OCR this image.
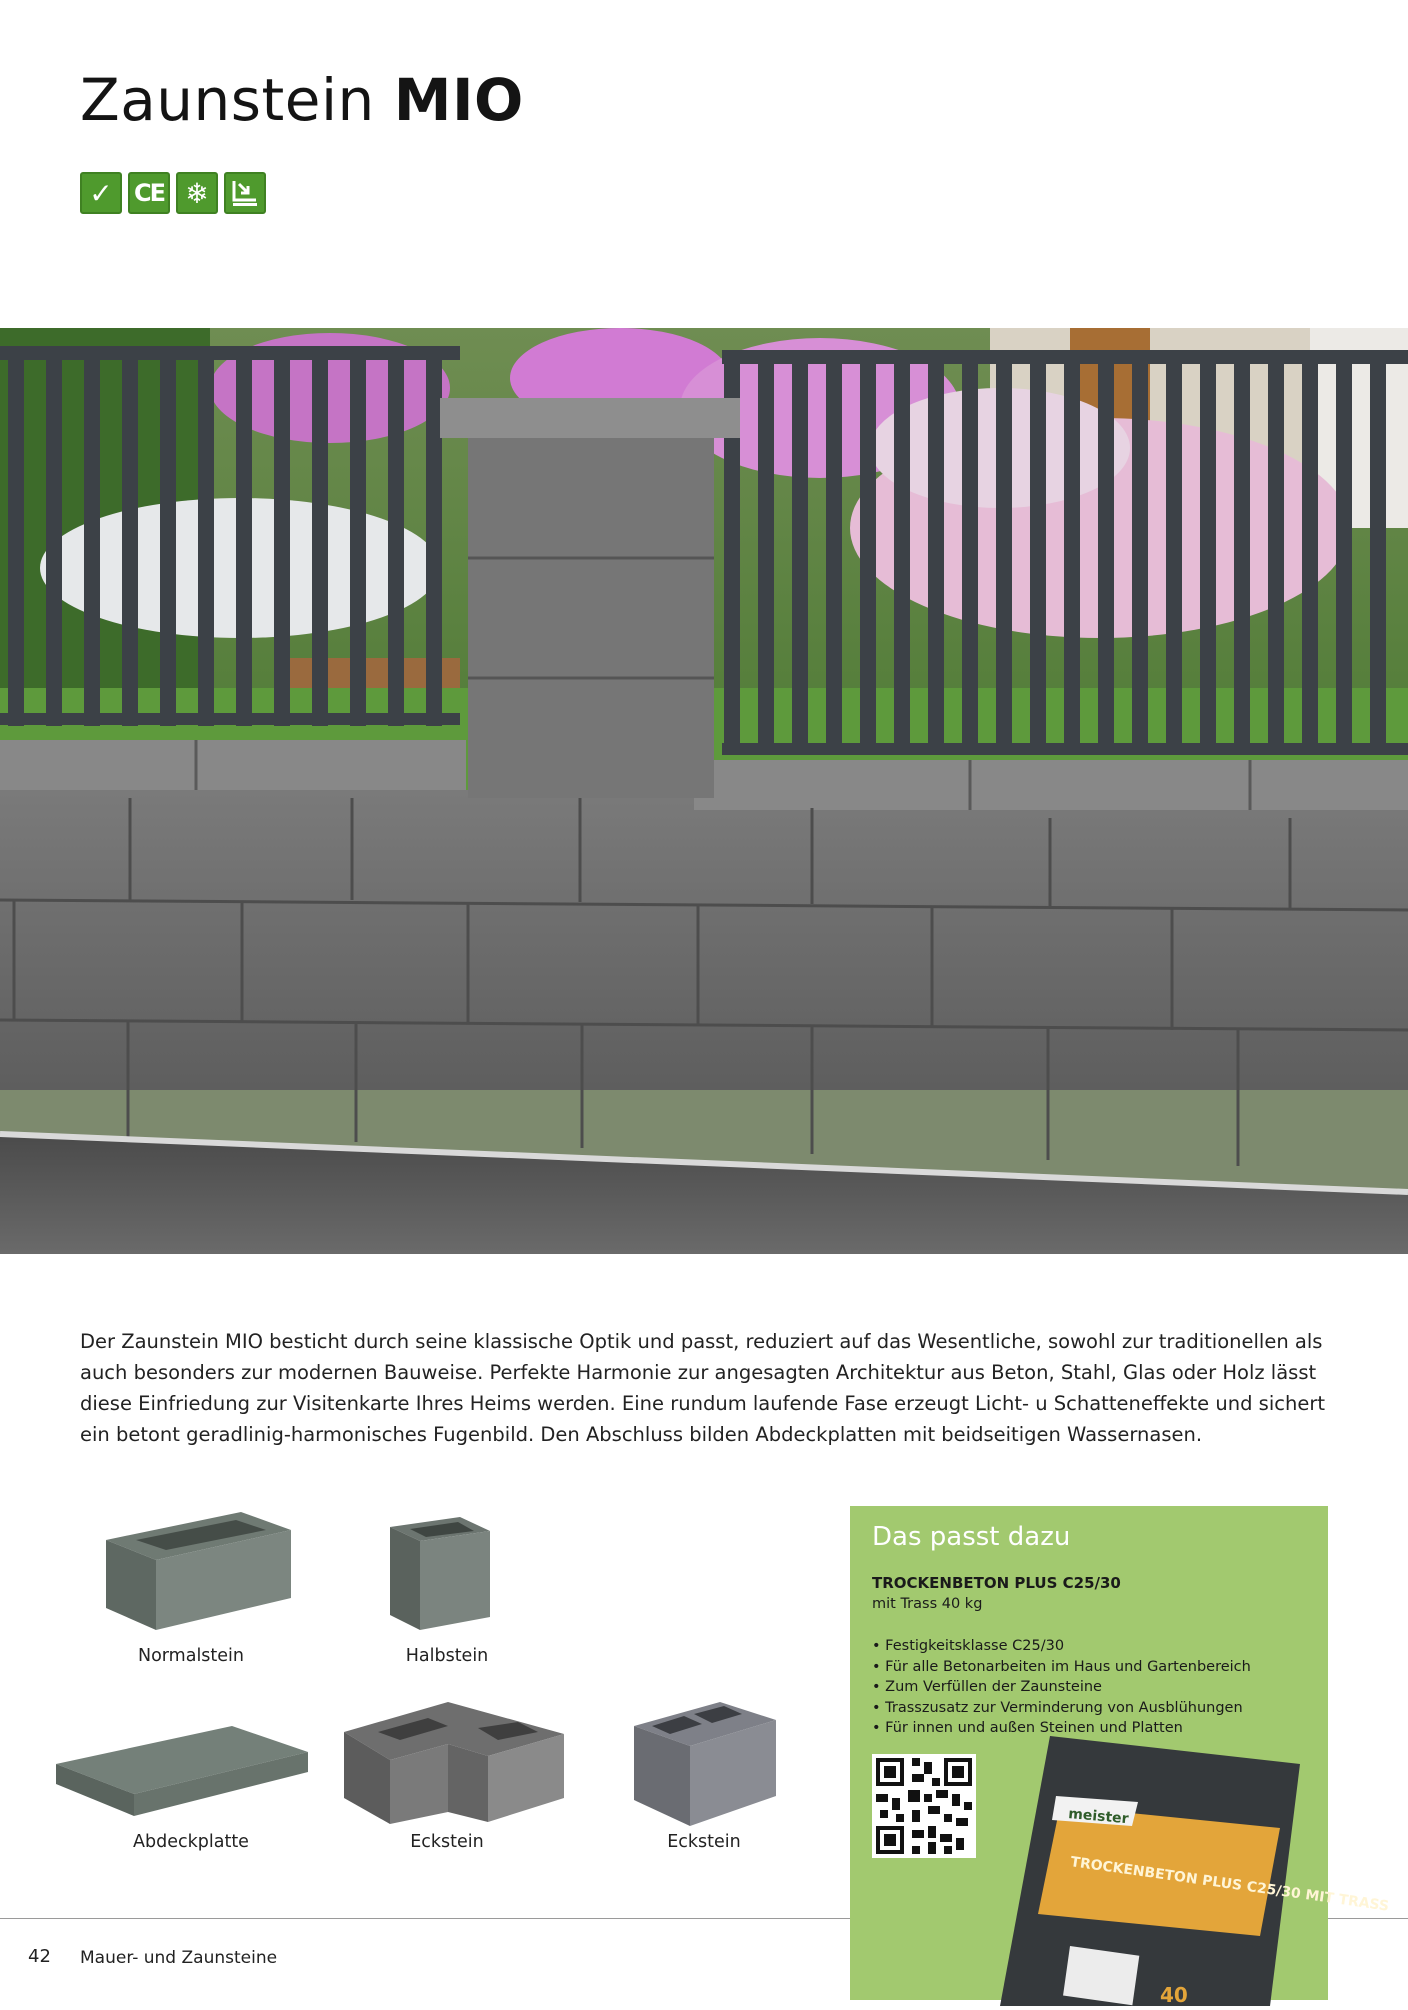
Zaunstein MIO
✓ CE ❄

Der Zaunstein MIO besticht durch seine klassische Optik und passt, reduziert auf das Wesentliche, sowohl zur traditionellen als auch besonders zur modernen Bauweise. Perfekte Harmonie zur angesagten Architektur aus Beton, Stahl, Glas oder Holz lässt diese Einfriedung zur Visitenkarte Ihres Heims werden. Eine rundum laufende Fase erzeugt Licht- u Schatteneffekte und sichert ein betont geradlinig-harmonisches Fugenbild. Den Abschluss bilden Abdeckplatten mit beidseitigen Wassernasen.

Normalstein	Halbstein
Abdeckplatte	Eckstein	Eckstein
Das passt dazu

TROCKENBETON PLUS C25/30

mit Trass 40 kg

• Festigkeitsklasse C25/30
• Für alle Betonarbeiten im Haus und Gartenbereich
• Zum Verfüllen der Zaunsteine
• Trasszusatz zur Verminderung von Ausblühungen
• Für innen und außen Steinen und Platten
meister
TROCKENBETON PLUS C25/30 MIT TRASS
40
42 Mauer- und Zaunsteine
